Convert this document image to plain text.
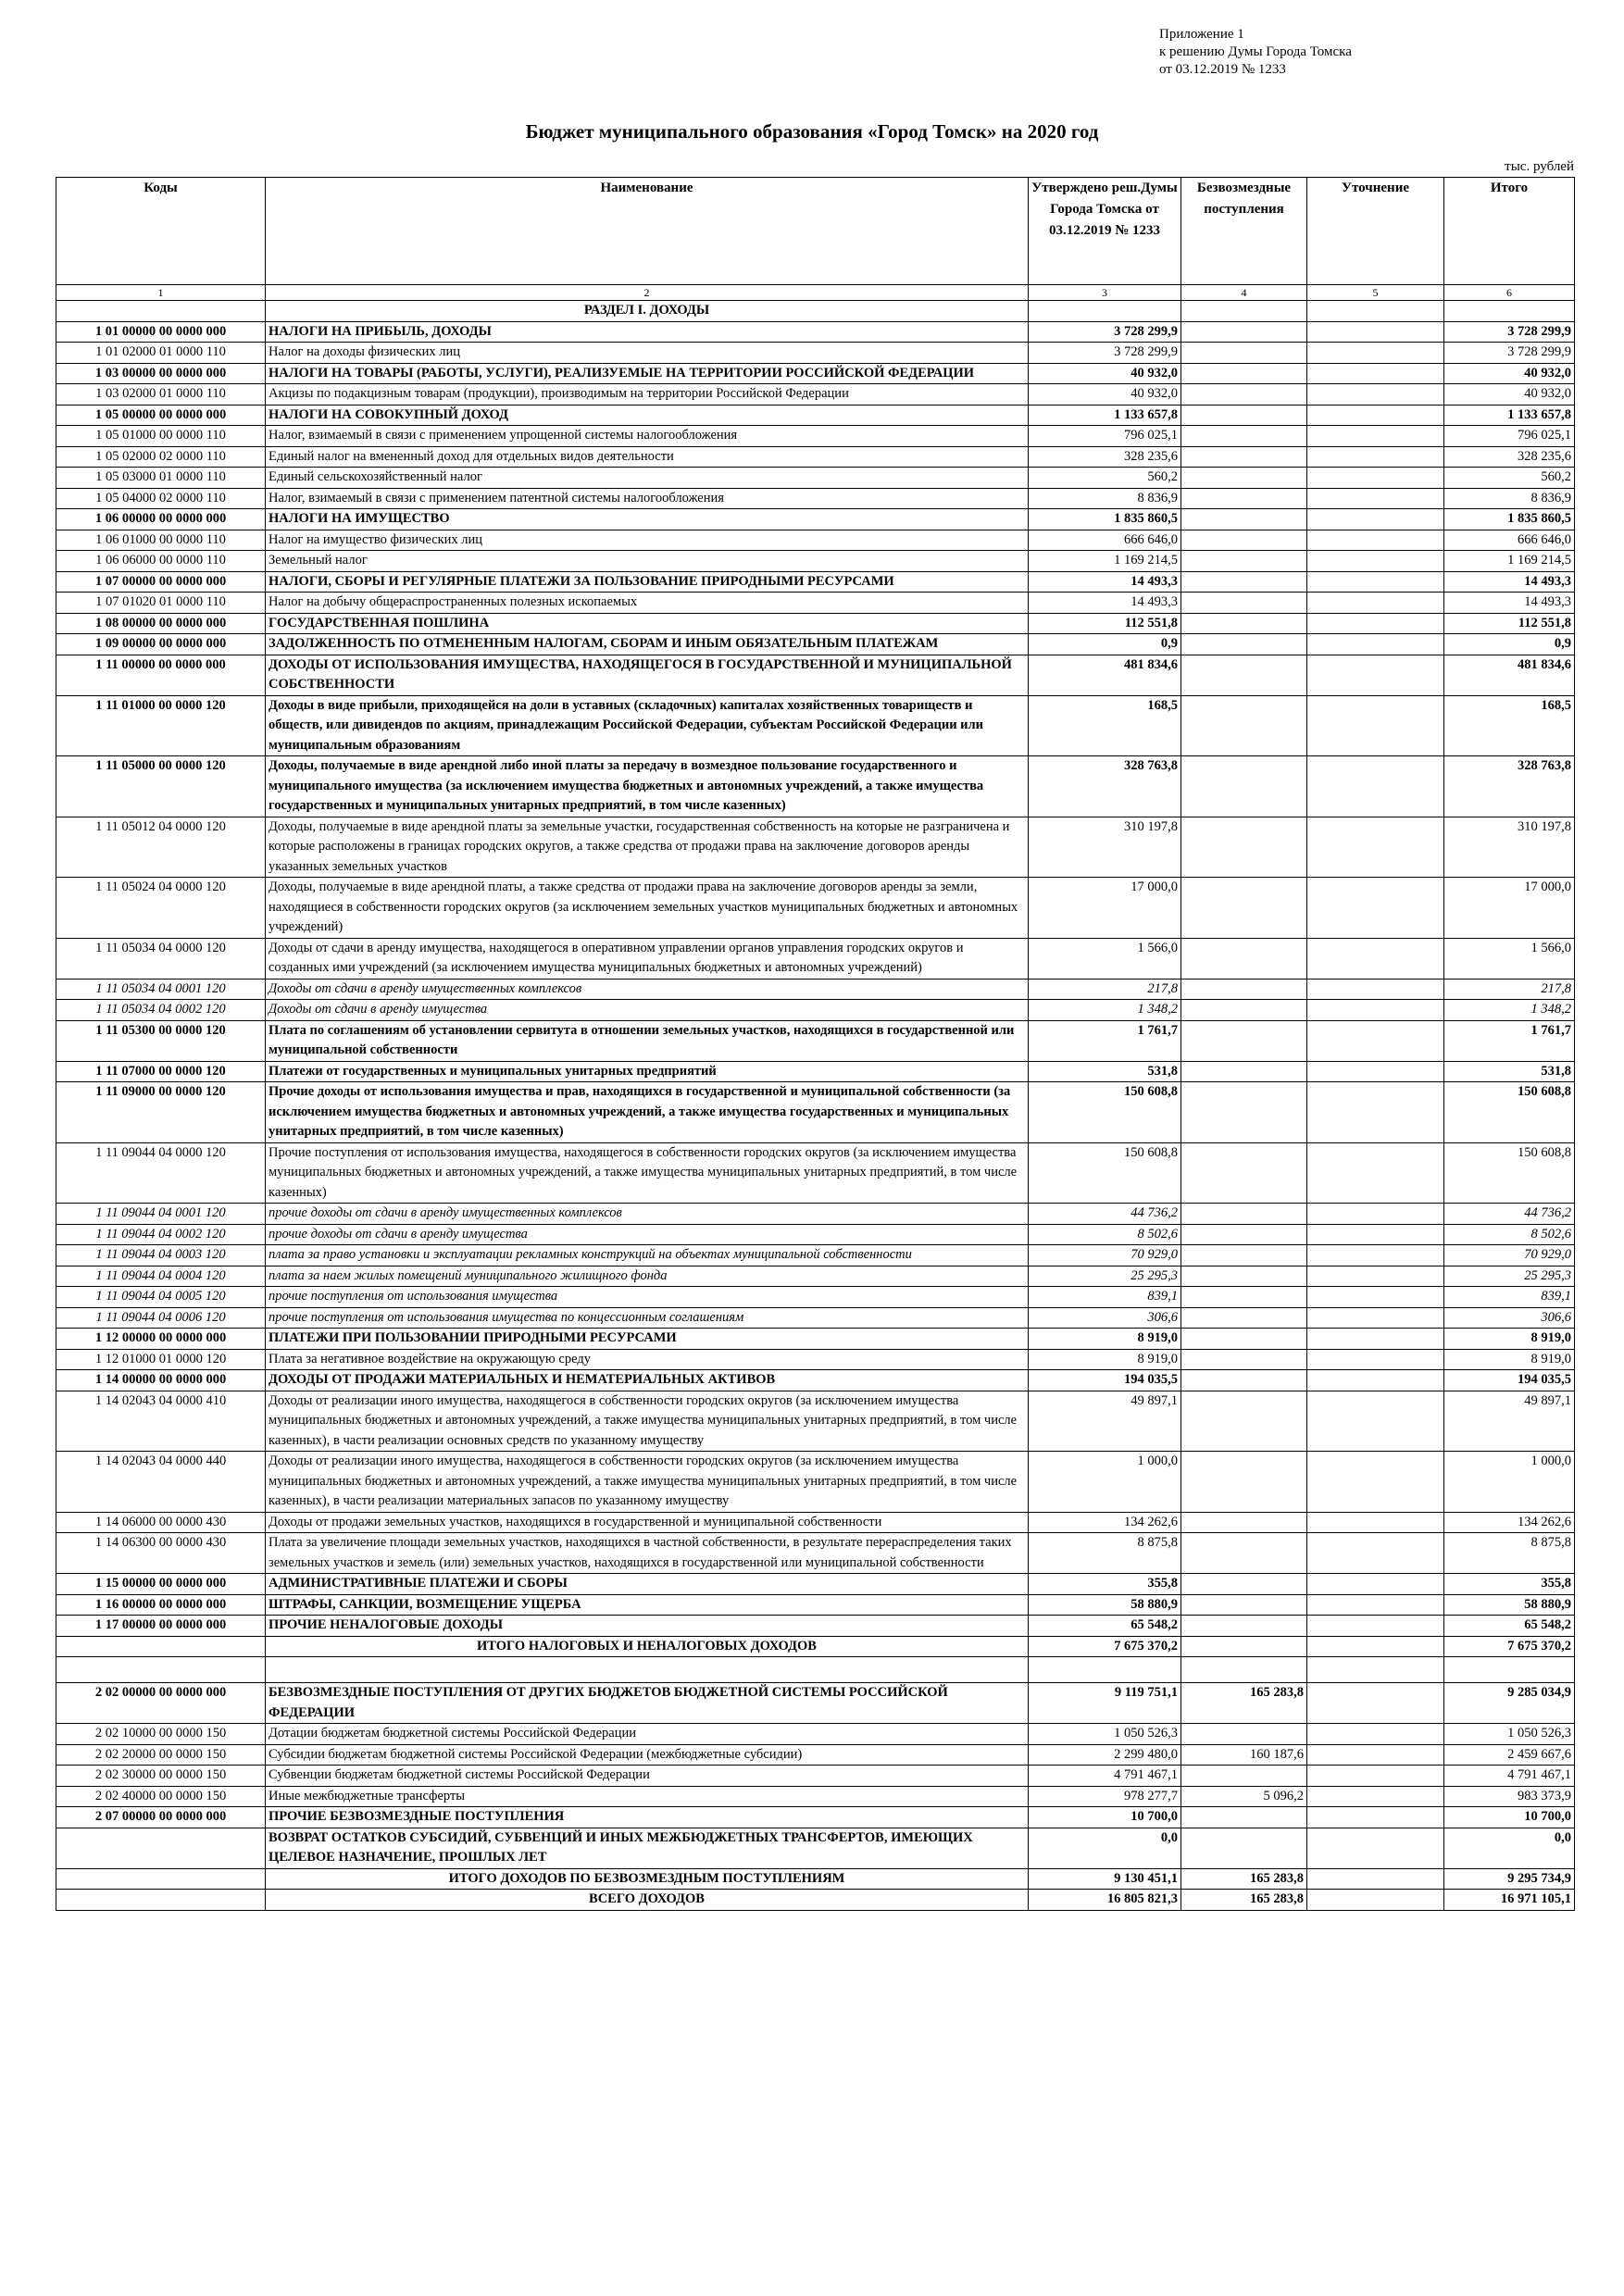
Приложение 1
к решению Думы Города Томска
от 03.12.2019 № 1233
Бюджет муниципального образования «Город Томск» на 2020 год
тыс. рублей
Коды	Наименование	Утверждено реш.Думы Города Томска от 03.12.2019 № 1233	Безвозмездные поступления	Уточнение	Итого
1	2	3	4	5	6
	РАЗДЕЛ I. ДОХОДЫ				
1 01 00000 00 0000 000	НАЛОГИ НА ПРИБЫЛЬ, ДОХОДЫ	3 728 299,9			3 728 299,9
1 01 02000 01 0000 110	Налог на доходы физических лиц	3 728 299,9			3 728 299,9
1 03 00000 00 0000 000	НАЛОГИ НА ТОВАРЫ (РАБОТЫ, УСЛУГИ), РЕАЛИЗУЕМЫЕ НА ТЕРРИТОРИИ РОССИЙСКОЙ ФЕДЕРАЦИИ	40 932,0			40 932,0
1 03 02000 01 0000 110	Акцизы по подакцизным товарам (продукции), производимым на территории Российской Федерации	40 932,0			40 932,0
1 05 00000 00 0000 000	НАЛОГИ НА СОВОКУПНЫЙ ДОХОД	1 133 657,8			1 133 657,8
1 05 01000 00 0000 110	Налог, взимаемый в связи с применением упрощенной системы налогообложения	796 025,1			796 025,1
1 05 02000 02 0000 110	Единый налог на вмененный доход для отдельных видов деятельности	328 235,6			328 235,6
1 05 03000 01 0000 110	Единый сельскохозяйственный налог	560,2			560,2
1 05 04000 02 0000 110	Налог, взимаемый в связи с применением патентной системы налогообложения	8 836,9			8 836,9
1 06 00000 00 0000 000	НАЛОГИ НА ИМУЩЕСТВО	1 835 860,5			1 835 860,5
1 06 01000 00 0000 110	Налог на имущество физических лиц	666 646,0			666 646,0
1 06 06000 00 0000 110	Земельный налог	1 169 214,5			1 169 214,5
1 07 00000 00 0000 000	НАЛОГИ, СБОРЫ И РЕГУЛЯРНЫЕ ПЛАТЕЖИ ЗА ПОЛЬЗОВАНИЕ ПРИРОДНЫМИ РЕСУРСАМИ	14 493,3			14 493,3
1 07 01020 01 0000 110	Налог на добычу общераспространенных полезных ископаемых	14 493,3			14 493,3
1 08 00000 00 0000 000	ГОСУДАРСТВЕННАЯ ПОШЛИНА	112 551,8			112 551,8
1 09 00000 00 0000 000	ЗАДОЛЖЕННОСТЬ ПО ОТМЕНЕННЫМ НАЛОГАМ, СБОРАМ И ИНЫМ ОБЯЗАТЕЛЬНЫМ ПЛАТЕЖАМ	0,9			0,9
1 11 00000 00 0000 000	ДОХОДЫ ОТ ИСПОЛЬЗОВАНИЯ ИМУЩЕСТВА, НАХОДЯЩЕГОСЯ В ГОСУДАРСТВЕННОЙ И МУНИЦИПАЛЬНОЙ СОБСТВЕННОСТИ	481 834,6			481 834,6
1 11 01000 00 0000 120	Доходы в виде прибыли, приходящейся на доли в уставных (складочных) капиталах хозяйственных товариществ и обществ, или дивидендов по акциям, принадлежащим Российской Федерации, субъектам Российской Федерации или муниципальным образованиям	168,5			168,5
1 11 05000 00 0000 120	Доходы, получаемые в виде арендной либо иной платы за передачу в возмездное пользование государственного и муниципального имущества (за исключением имущества бюджетных и автономных учреждений, а также имущества государственных и муниципальных унитарных предприятий, в том числе казенных)	328 763,8			328 763,8
1 11 05012 04 0000 120	Доходы, получаемые в виде арендной платы за земельные участки, государственная собственность на которые не разграничена и которые расположены в границах городских округов, а также средства от продажи права на заключение договоров аренды указанных земельных участков	310 197,8			310 197,8
1 11 05024 04 0000 120	Доходы, получаемые в виде арендной платы, а также средства от продажи права на заключение договоров аренды за земли, находящиеся в собственности городских округов (за исключением земельных участков муниципальных бюджетных и автономных учреждений)	17 000,0			17 000,0
1 11 05034 04 0000 120	Доходы от сдачи в аренду имущества, находящегося в оперативном управлении органов управления городских округов и созданных ими учреждений (за исключением имущества муниципальных бюджетных и автономных учреждений)	1 566,0			1 566,0
1 11 05034 04 0001 120	Доходы от сдачи в аренду имущественных комплексов	217,8			217,8
1 11 05034 04 0002 120	Доходы от сдачи в аренду имущества	1 348,2			1 348,2
1 11 05300 00 0000 120	Плата по соглашениям об установлении сервитута в отношении земельных участков, находящихся в государственной или муниципальной собственности	1 761,7			1 761,7
1 11 07000 00 0000 120	Платежи от государственных и муниципальных унитарных предприятий	531,8			531,8
1 11 09000 00 0000 120	Прочие доходы от использования имущества и прав, находящихся в государственной и муниципальной собственности (за исключением имущества бюджетных и автономных учреждений, а также имущества государственных и муниципальных унитарных предприятий, в том числе казенных)	150 608,8			150 608,8
1 11 09044 04 0000 120	Прочие поступления от использования имущества, находящегося в собственности городских округов (за исключением имущества муниципальных бюджетных и автономных учреждений, а также имущества муниципальных унитарных предприятий, в том числе казенных)	150 608,8			150 608,8
1 11 09044 04 0001 120	прочие доходы от сдачи в аренду имущественных комплексов	44 736,2			44 736,2
1 11 09044 04 0002 120	прочие доходы от сдачи в аренду имущества	8 502,6			8 502,6
1 11 09044 04 0003 120	плата за право установки и эксплуатации рекламных конструкций на объектах муниципальной собственности	70 929,0			70 929,0
1 11 09044 04 0004 120	плата за наем жилых помещений муниципального жилищного фонда	25 295,3			25 295,3
1 11 09044 04 0005 120	прочие поступления от использования имущества	839,1			839,1
1 11 09044 04 0006 120	прочие поступления от использования имущества по концессионным соглашениям	306,6			306,6
1 12 00000 00 0000 000	ПЛАТЕЖИ ПРИ ПОЛЬЗОВАНИИ ПРИРОДНЫМИ РЕСУРСАМИ	8 919,0			8 919,0
1 12 01000 01 0000 120	Плата за негативное воздействие на окружающую среду	8 919,0			8 919,0
1 14 00000 00 0000 000	ДОХОДЫ ОТ ПРОДАЖИ МАТЕРИАЛЬНЫХ И НЕМАТЕРИАЛЬНЫХ АКТИВОВ	194 035,5			194 035,5
1 14 02043 04 0000 410	Доходы от реализации иного имущества, находящегося в собственности городских округов (за исключением имущества муниципальных бюджетных и автономных учреждений, а также имущества муниципальных унитарных предприятий, в том числе казенных), в части реализации основных средств по указанному имуществу	49 897,1			49 897,1
1 14 02043 04 0000 440	Доходы от реализации иного имущества, находящегося в собственности городских округов (за исключением имущества муниципальных бюджетных и автономных учреждений, а также имущества муниципальных унитарных предприятий, в том числе казенных), в части реализации материальных запасов по указанному имуществу	1 000,0			1 000,0
1 14 06000 00 0000 430	Доходы от продажи земельных участков, находящихся в государственной и муниципальной собственности	134 262,6			134 262,6
1 14 06300 00 0000 430	Плата за увеличение площади земельных участков, находящихся в частной собственности, в результате перераспределения таких земельных участков и земель (или) земельных участков, находящихся в государственной или муниципальной собственности	8 875,8			8 875,8
1 15 00000 00 0000 000	АДМИНИСТРАТИВНЫЕ ПЛАТЕЖИ И СБОРЫ	355,8			355,8
1 16 00000 00 0000 000	ШТРАФЫ, САНКЦИИ, ВОЗМЕЩЕНИЕ УЩЕРБА	58 880,9			58 880,9
1 17 00000 00 0000 000	ПРОЧИЕ НЕНАЛОГОВЫЕ ДОХОДЫ	65 548,2			65 548,2
	ИТОГО НАЛОГОВЫХ И НЕНАЛОГОВЫХ ДОХОДОВ	7 675 370,2			7 675 370,2

2 02 00000 00 0000 000	БЕЗВОЗМЕЗДНЫЕ ПОСТУПЛЕНИЯ ОТ ДРУГИХ БЮДЖЕТОВ БЮДЖЕТНОЙ СИСТЕМЫ РОССИЙСКОЙ ФЕДЕРАЦИИ	9 119 751,1	165 283,8		9 285 034,9
2 02 10000 00 0000 150	Дотации бюджетам бюджетной системы Российской Федерации	1 050 526,3			1 050 526,3
2 02 20000 00 0000 150	Субсидии бюджетам бюджетной системы Российской Федерации (межбюджетные субсидии)	2 299 480,0	160 187,6		2 459 667,6
2 02 30000 00 0000 150	Субвенции бюджетам бюджетной системы Российской Федерации	4 791 467,1			4 791 467,1
2 02 40000 00 0000 150	Иные межбюджетные трансферты	978 277,7	5 096,2		983 373,9
2 07 00000 00 0000 000	ПРОЧИЕ БЕЗВОЗМЕЗДНЫЕ ПОСТУПЛЕНИЯ	10 700,0			10 700,0
	ВОЗВРАТ ОСТАТКОВ СУБСИДИЙ, СУБВЕНЦИЙ И ИНЫХ МЕЖБЮДЖЕТНЫХ ТРАНСФЕРТОВ, ИМЕЮЩИХ ЦЕЛЕВОЕ НАЗНАЧЕНИЕ, ПРОШЛЫХ ЛЕТ	0,0			0,0
	ИТОГО ДОХОДОВ ПО БЕЗВОЗМЕЗДНЫМ ПОСТУПЛЕНИЯМ	9 130 451,1	165 283,8		9 295 734,9
	ВСЕГО ДОХОДОВ	16 805 821,3	165 283,8		16 971 105,1
